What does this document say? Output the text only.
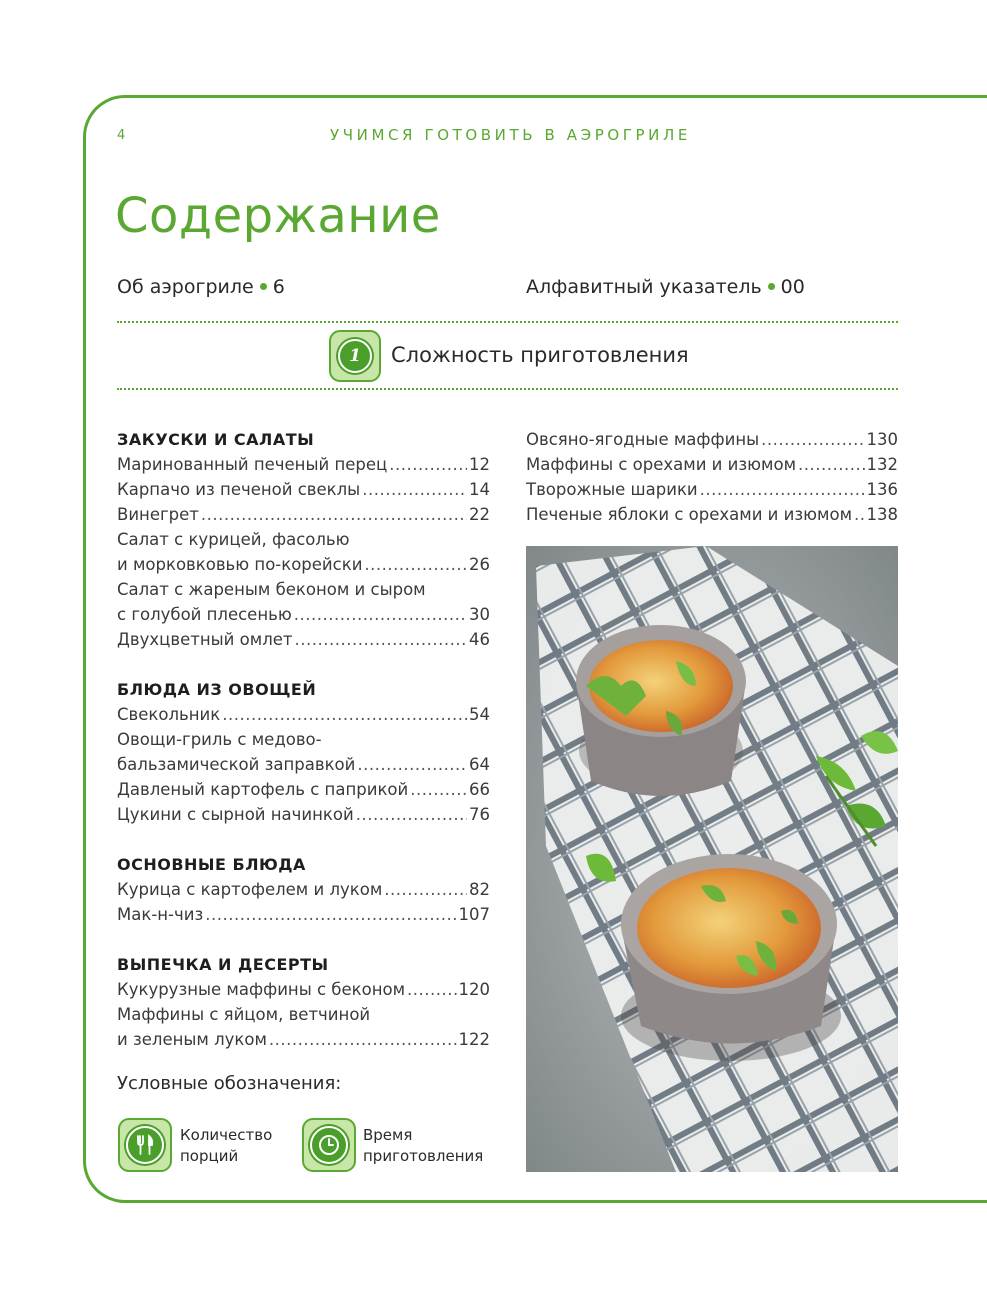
4	УЧИМСЯ ГОТОВИТЬ В АЭРОГРИЛЕ
Содержание
Об аэрогриле 6	Алфавитный указатель 00
1	Сложность приготовления
ЗАКУСКИ И САЛАТЫ
Маринованный печеный перец .....	12
Карпачо из печеной свеклы .....	14
Винегрет .....	22
Салат с курицей, фасолью
и морковковью по-корейски .....	26
Салат с жареным беконом и сыром
с голубой плесенью .....	30
Двухцветный омлет .....	46
БЛЮДА ИЗ ОВОЩЕЙ
Свекольник .....	54
Овощи-гриль с медово-
бальзамической заправкой .....	64
Давленый картофель с паприкой .....	66
Цукини с сырной начинкой .....	76
ОСНОВНЫЕ БЛЮДА
Курица с картофелем и луком .....	82
Мак-н-чиз .....	107
ВЫПЕЧКА И ДЕСЕРТЫ
Кукурузные маффины с беконом .....	120
Маффины с яйцом, ветчиной
и зеленым луком .....	122
Овсяно-ягодные маффины .....	130
Маффины с орехами и изюмом .....	132
Творожные шарики .....	136
Печеные яблоки с орехами и изюмом ..... 138
Условные обозначения:
Количество
порций
Время
приготовления
